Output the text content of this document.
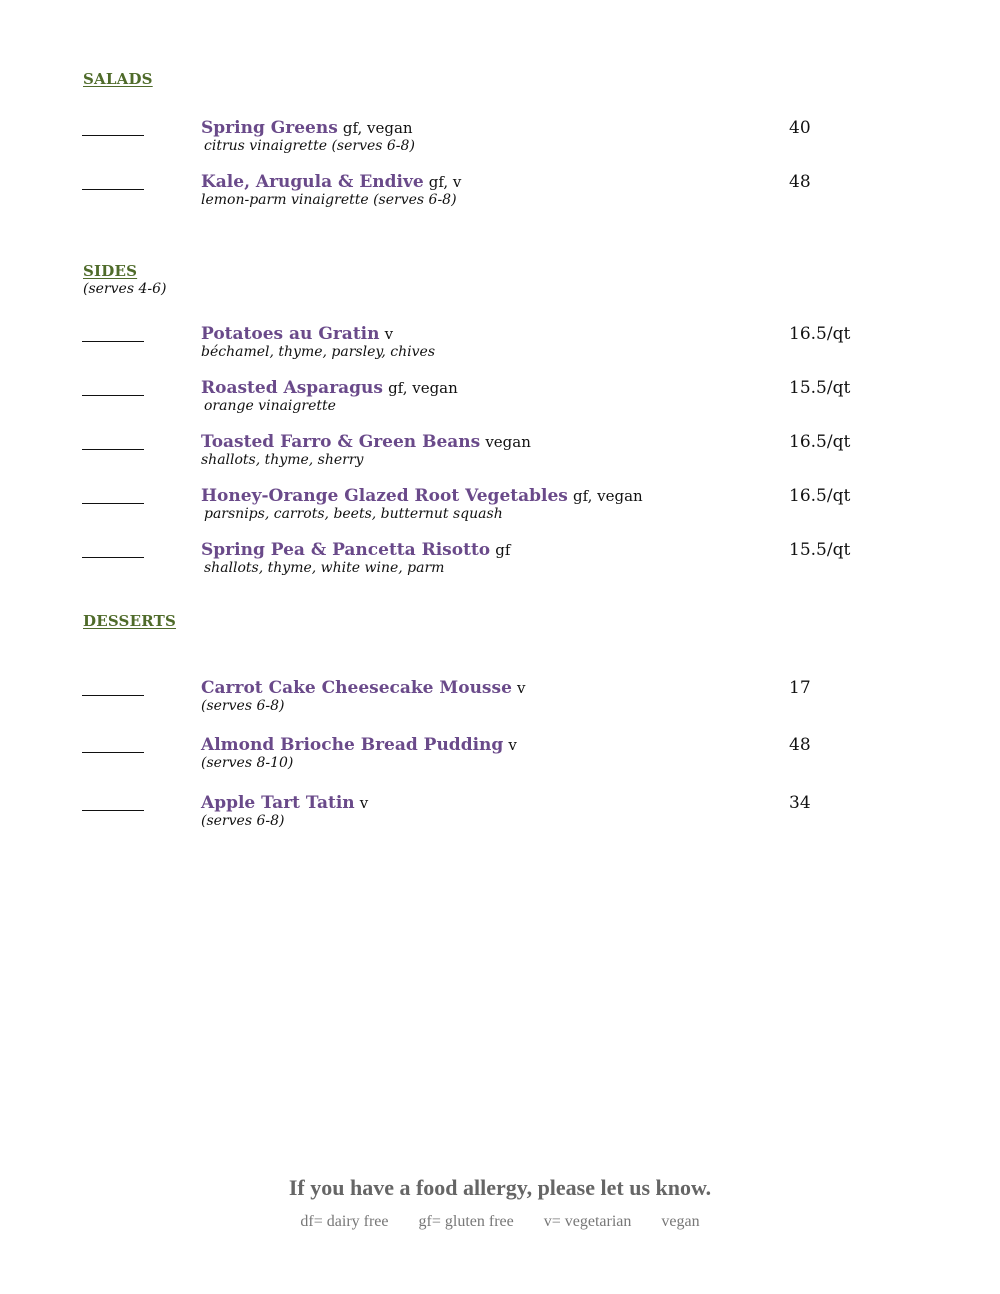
SALADS
Spring Greens gf, vegan
citrus vinaigrette (serves 6-8)
40
Kale, Arugula & Endive gf, v
lemon-parm vinaigrette (serves 6-8)
48
SIDES
(serves 4-6)
Potatoes au Gratin v
béchamel, thyme, parsley, chives
16.5/qt
Roasted Asparagus gf, vegan
orange vinaigrette
15.5/qt
Toasted Farro & Green Beans vegan
shallots, thyme, sherry
16.5/qt
Honey-Orange Glazed Root Vegetables gf, vegan
parsnips, carrots, beets, butternut squash
16.5/qt
Spring Pea & Pancetta Risotto gf
shallots, thyme, white wine, parm
15.5/qt
DESSERTS
Carrot Cake Cheesecake Mousse v
(serves 6-8)
17
Almond Brioche Bread Pudding v
(serves 8-10)
48
Apple Tart Tatin v
(serves 6-8)
34
If you have a food allergy, please let us know.
df= dairy free gf= gluten free v= vegetarian vegan
